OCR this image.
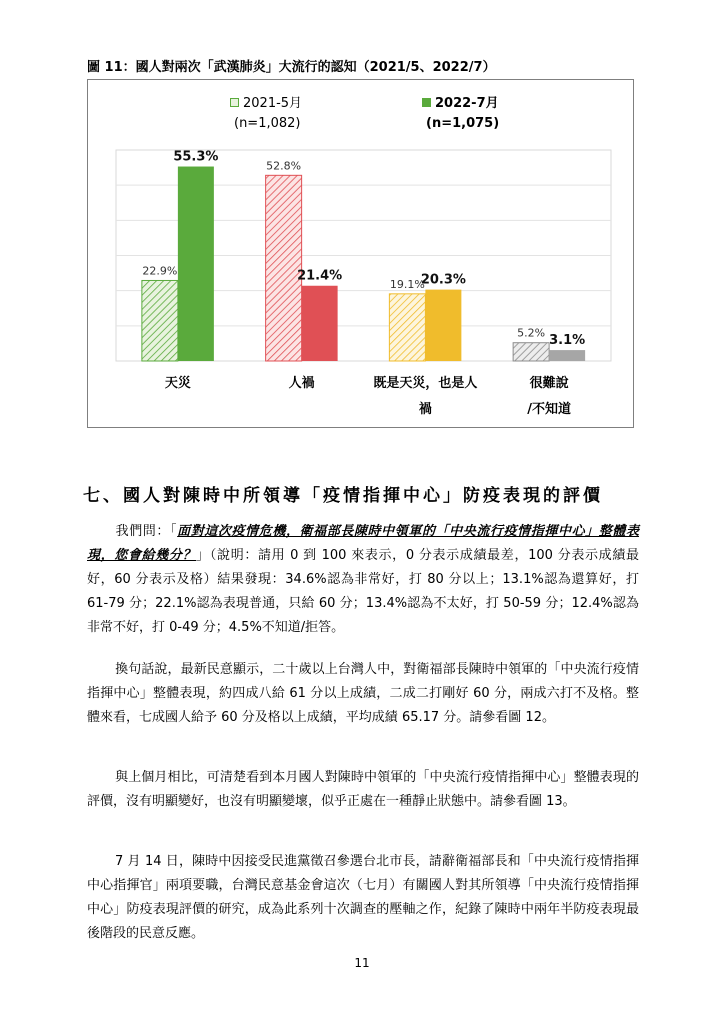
圖 11：國人對兩次「武漢肺炎」大流行的認知（2021/5、2022/7）
2021-5月
(n=1,082)
2022-7月
(n=1,075)
22.9%
55.3%
天災
52.8%
21.4%
人禍
19.1%
20.3%
既是天災，也是人
禍
5.2% 3.1%
很難說
/不知道
七、國人對陳時中所領導「疫情指揮中心」防疫表現的評價

我們問：「面對這次疫情危機，衛福部長陳時中領軍的「中央流行疫情指揮中心」整體表現，您會給幾分？」（說明：請用 0 到 100 來表示，0 分表示成績最差，100 分表示成績最好，60 分表示及格）結果發現：34.6%認為非常好，打 80 分以上；13.1%認為還算好，打 61-79 分；22.1%認為表現普通，只給 60 分；13.4%認為不太好，打 50-59 分；12.4%認為非常不好，打 0-49 分；4.5%不知道/拒答。

換句話說，最新民意顯示，二十歲以上台灣人中，對衛福部長陳時中領軍的「中央流行疫情指揮中心」整體表現，約四成八給 61 分以上成績，二成二打剛好 60 分，兩成六打不及格。整體來看，七成國人給予 60 分及格以上成績，平均成績 65.17 分。請參看圖 12。

與上個月相比，可清楚看到本月國人對陳時中領軍的「中央流行疫情指揮中心」整體表現的評價，沒有明顯變好，也沒有明顯變壞，似乎正處在一種靜止狀態中。請參看圖 13。

7 月 14 日，陳時中因接受民進黨徵召參選台北市長，請辭衛福部長和「中央流行疫情指揮中心指揮官」兩項要職，台灣民意基金會這次（七月）有關國人對其所領導「中央流行疫情指揮中心」防疫表現評價的研究，成為此系列十次調查的壓軸之作，紀錄了陳時中兩年半防疫表現最後階段的民意反應。

11
